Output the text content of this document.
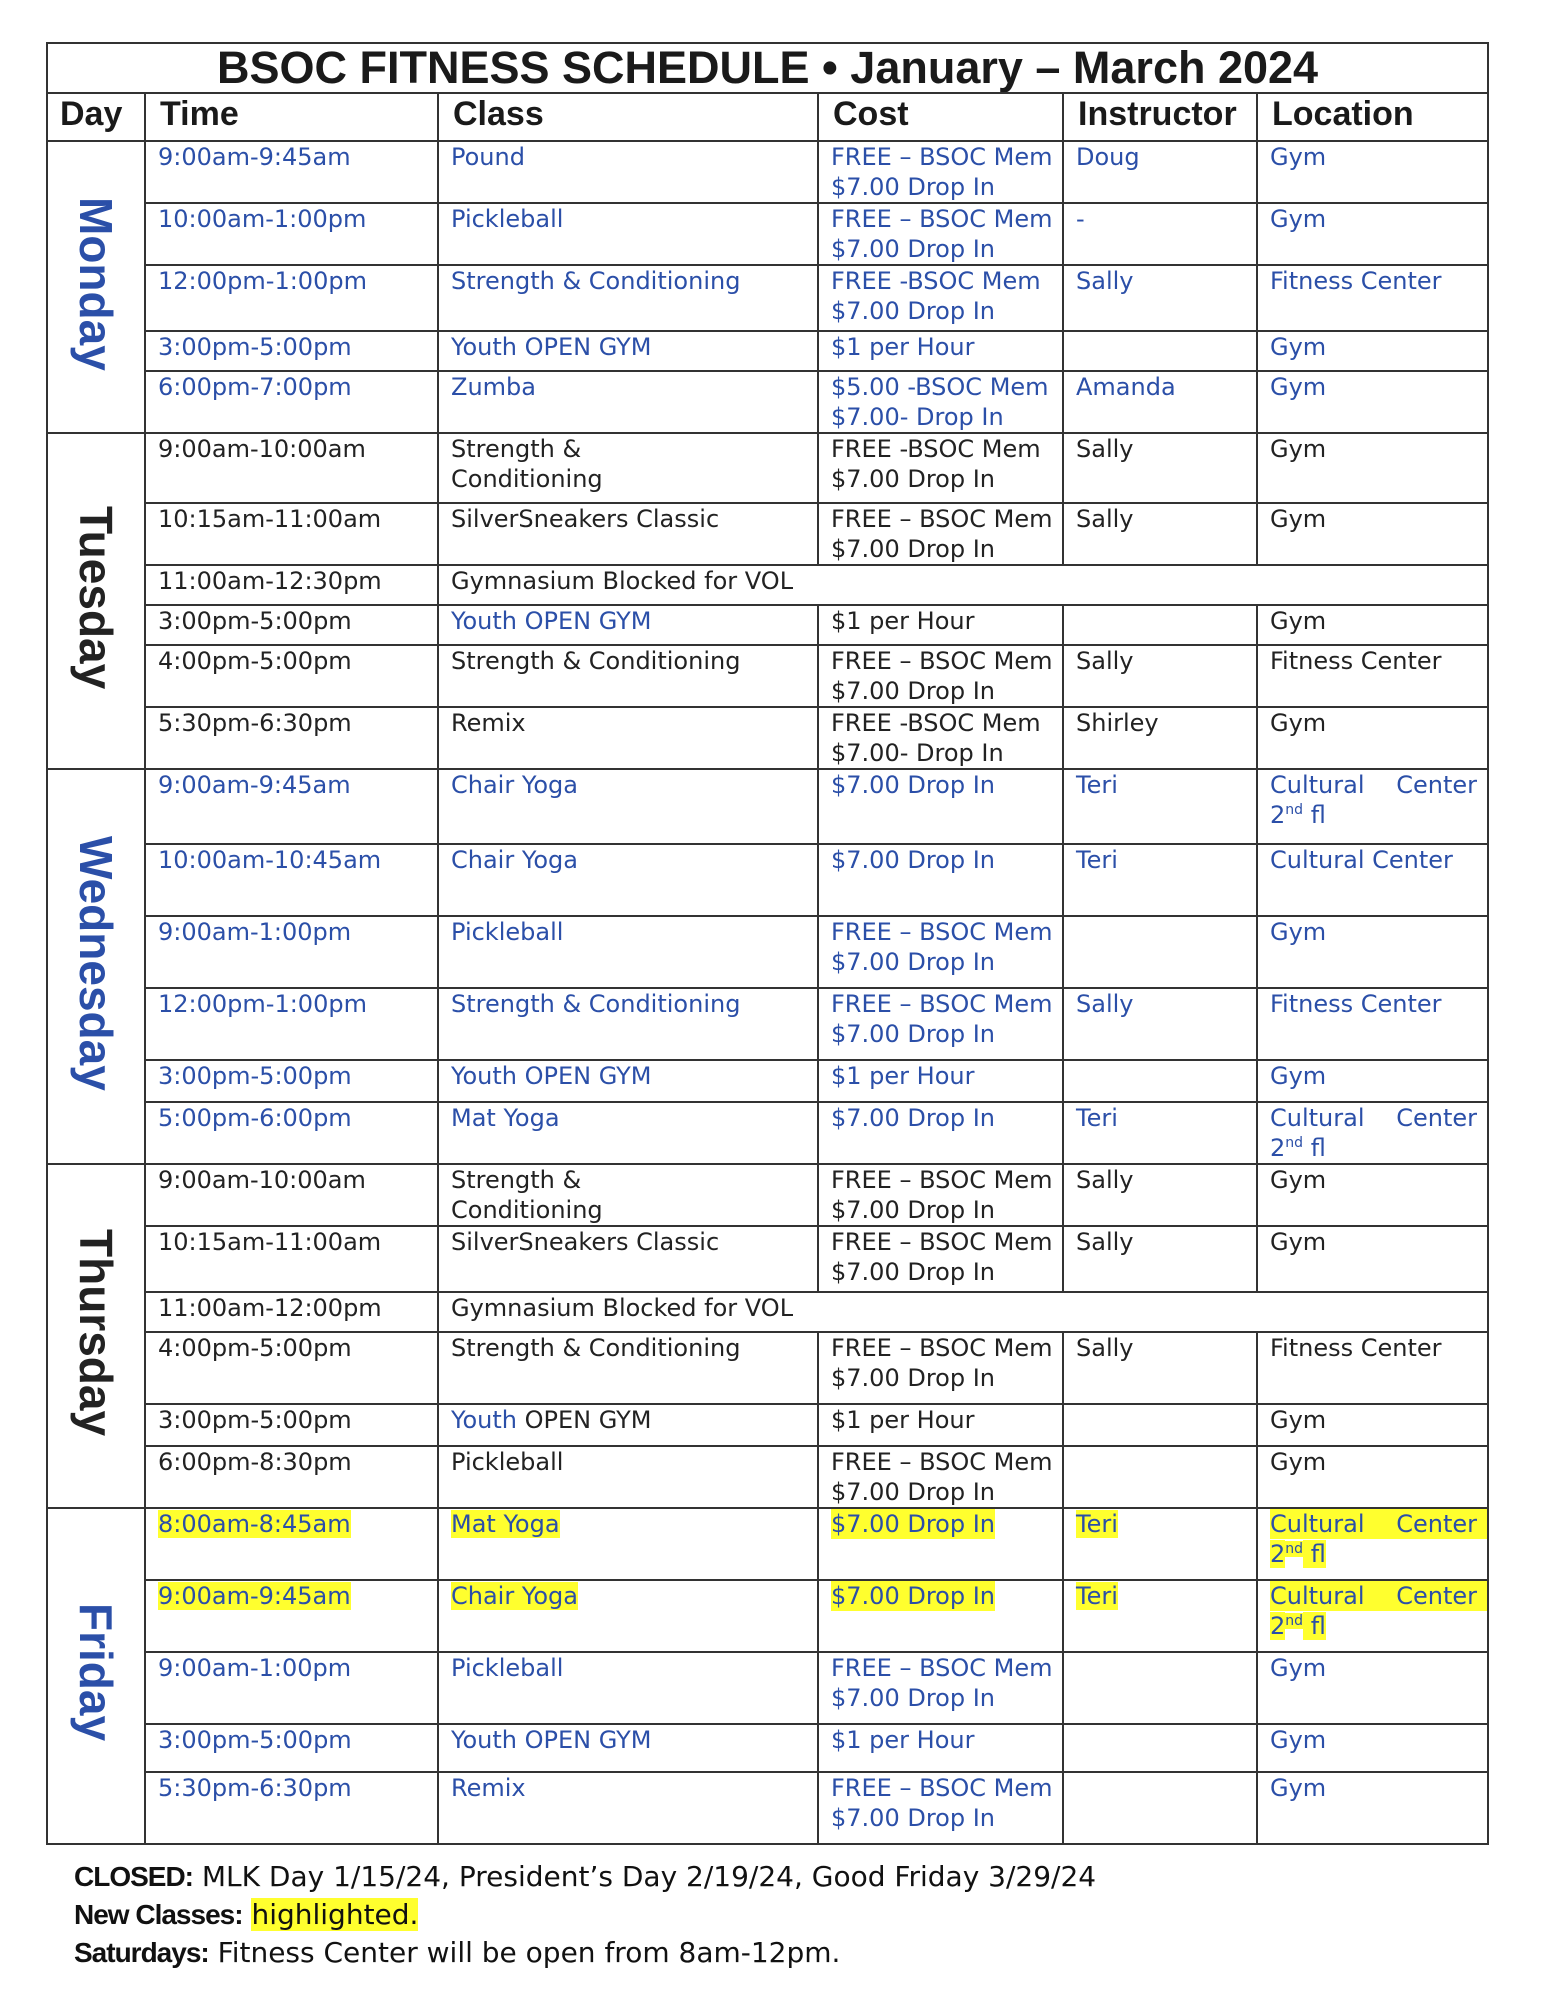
BSOC FITNESS SCHEDULE • January – March 2024					
Day	Time	Class	Cost	Instructor	Location
Monday	9:00am-9:45am	Pound	FREE – BSOC Mem
$7.00 Drop In	Doug	Gym
	10:00am-1:00pm	Pickleball	FREE – BSOC Mem
$7.00 Drop In	-	Gym
	12:00pm-1:00pm	Strength & Conditioning	FREE -BSOC Mem
$7.00 Drop In	Sally	Fitness Center
	3:00pm-5:00pm	Youth OPEN GYM	$1 per Hour		Gym
	6:00pm-7:00pm	Zumba	$5.00 -BSOC Mem
$7.00- Drop In	Amanda	Gym
Tuesday	9:00am-10:00am	Strength & Conditioning	FREE -BSOC Mem
$7.00 Drop In	Sally	Gym
	10:15am-11:00am	SilverSneakers Classic	FREE – BSOC Mem
$7.00 Drop In	Sally	Gym
	11:00am-12:30pm	Gymnasium Blocked for VOL			
	3:00pm-5:00pm	Youth OPEN GYM	$1 per Hour		Gym
	4:00pm-5:00pm	Strength & Conditioning	FREE – BSOC Mem
$7.00 Drop In	Sally	Fitness Center
	5:30pm-6:30pm	Remix	FREE -BSOC Mem
$7.00- Drop In	Shirley	Gym
Wednesday	9:00am-9:45am	Chair Yoga	$7.00 Drop In	Teri	Cultural Center
2nd fl

	10:00am-10:45am	Chair Yoga	$7.00 Drop In	Teri	Cultural Center
	9:00am-1:00pm	Pickleball	FREE – BSOC Mem
$7.00 Drop In		Gym
	12:00pm-1:00pm	Strength & Conditioning	FREE – BSOC Mem
$7.00 Drop In	Sally	Fitness Center
	3:00pm-5:00pm	Youth OPEN GYM	$1 per Hour		Gym
	5:00pm-6:00pm	Mat Yoga	$7.00 Drop In	Teri	Cultural Center
2nd fl

Thursday	9:00am-10:00am	Strength & Conditioning	FREE – BSOC Mem
$7.00 Drop In	Sally	Gym
	10:15am-11:00am	SilverSneakers Classic	FREE – BSOC Mem
$7.00 Drop In	Sally	Gym
	11:00am-12:00pm	Gymnasium Blocked for VOL			
	4:00pm-5:00pm	Strength & Conditioning	FREE – BSOC Mem
$7.00 Drop In	Sally	Fitness Center
	3:00pm-5:00pm	Youth OPEN GYM	$1 per Hour		Gym
	6:00pm-8:30pm	Pickleball	FREE – BSOC Mem
$7.00 Drop In		Gym
Friday	8:00am-8:45am	Mat Yoga	$7.00 Drop In	Teri	Cultural Center
2nd fl

	9:00am-9:45am	Chair Yoga	$7.00 Drop In	Teri	Cultural Center
2nd fl

	9:00am-1:00pm	Pickleball	FREE – BSOC Mem
$7.00 Drop In		Gym
	3:00pm-5:00pm	Youth OPEN GYM	$1 per Hour		Gym
	5:30pm-6:30pm	Remix	FREE – BSOC Mem
$7.00 Drop In		Gym
CLOSED: MLK Day 1/15/24, President’s Day 2/19/24, Good Friday 3/29/24
New Classes: highlighted.
Saturdays: Fitness Center will be open from 8am-12pm.
